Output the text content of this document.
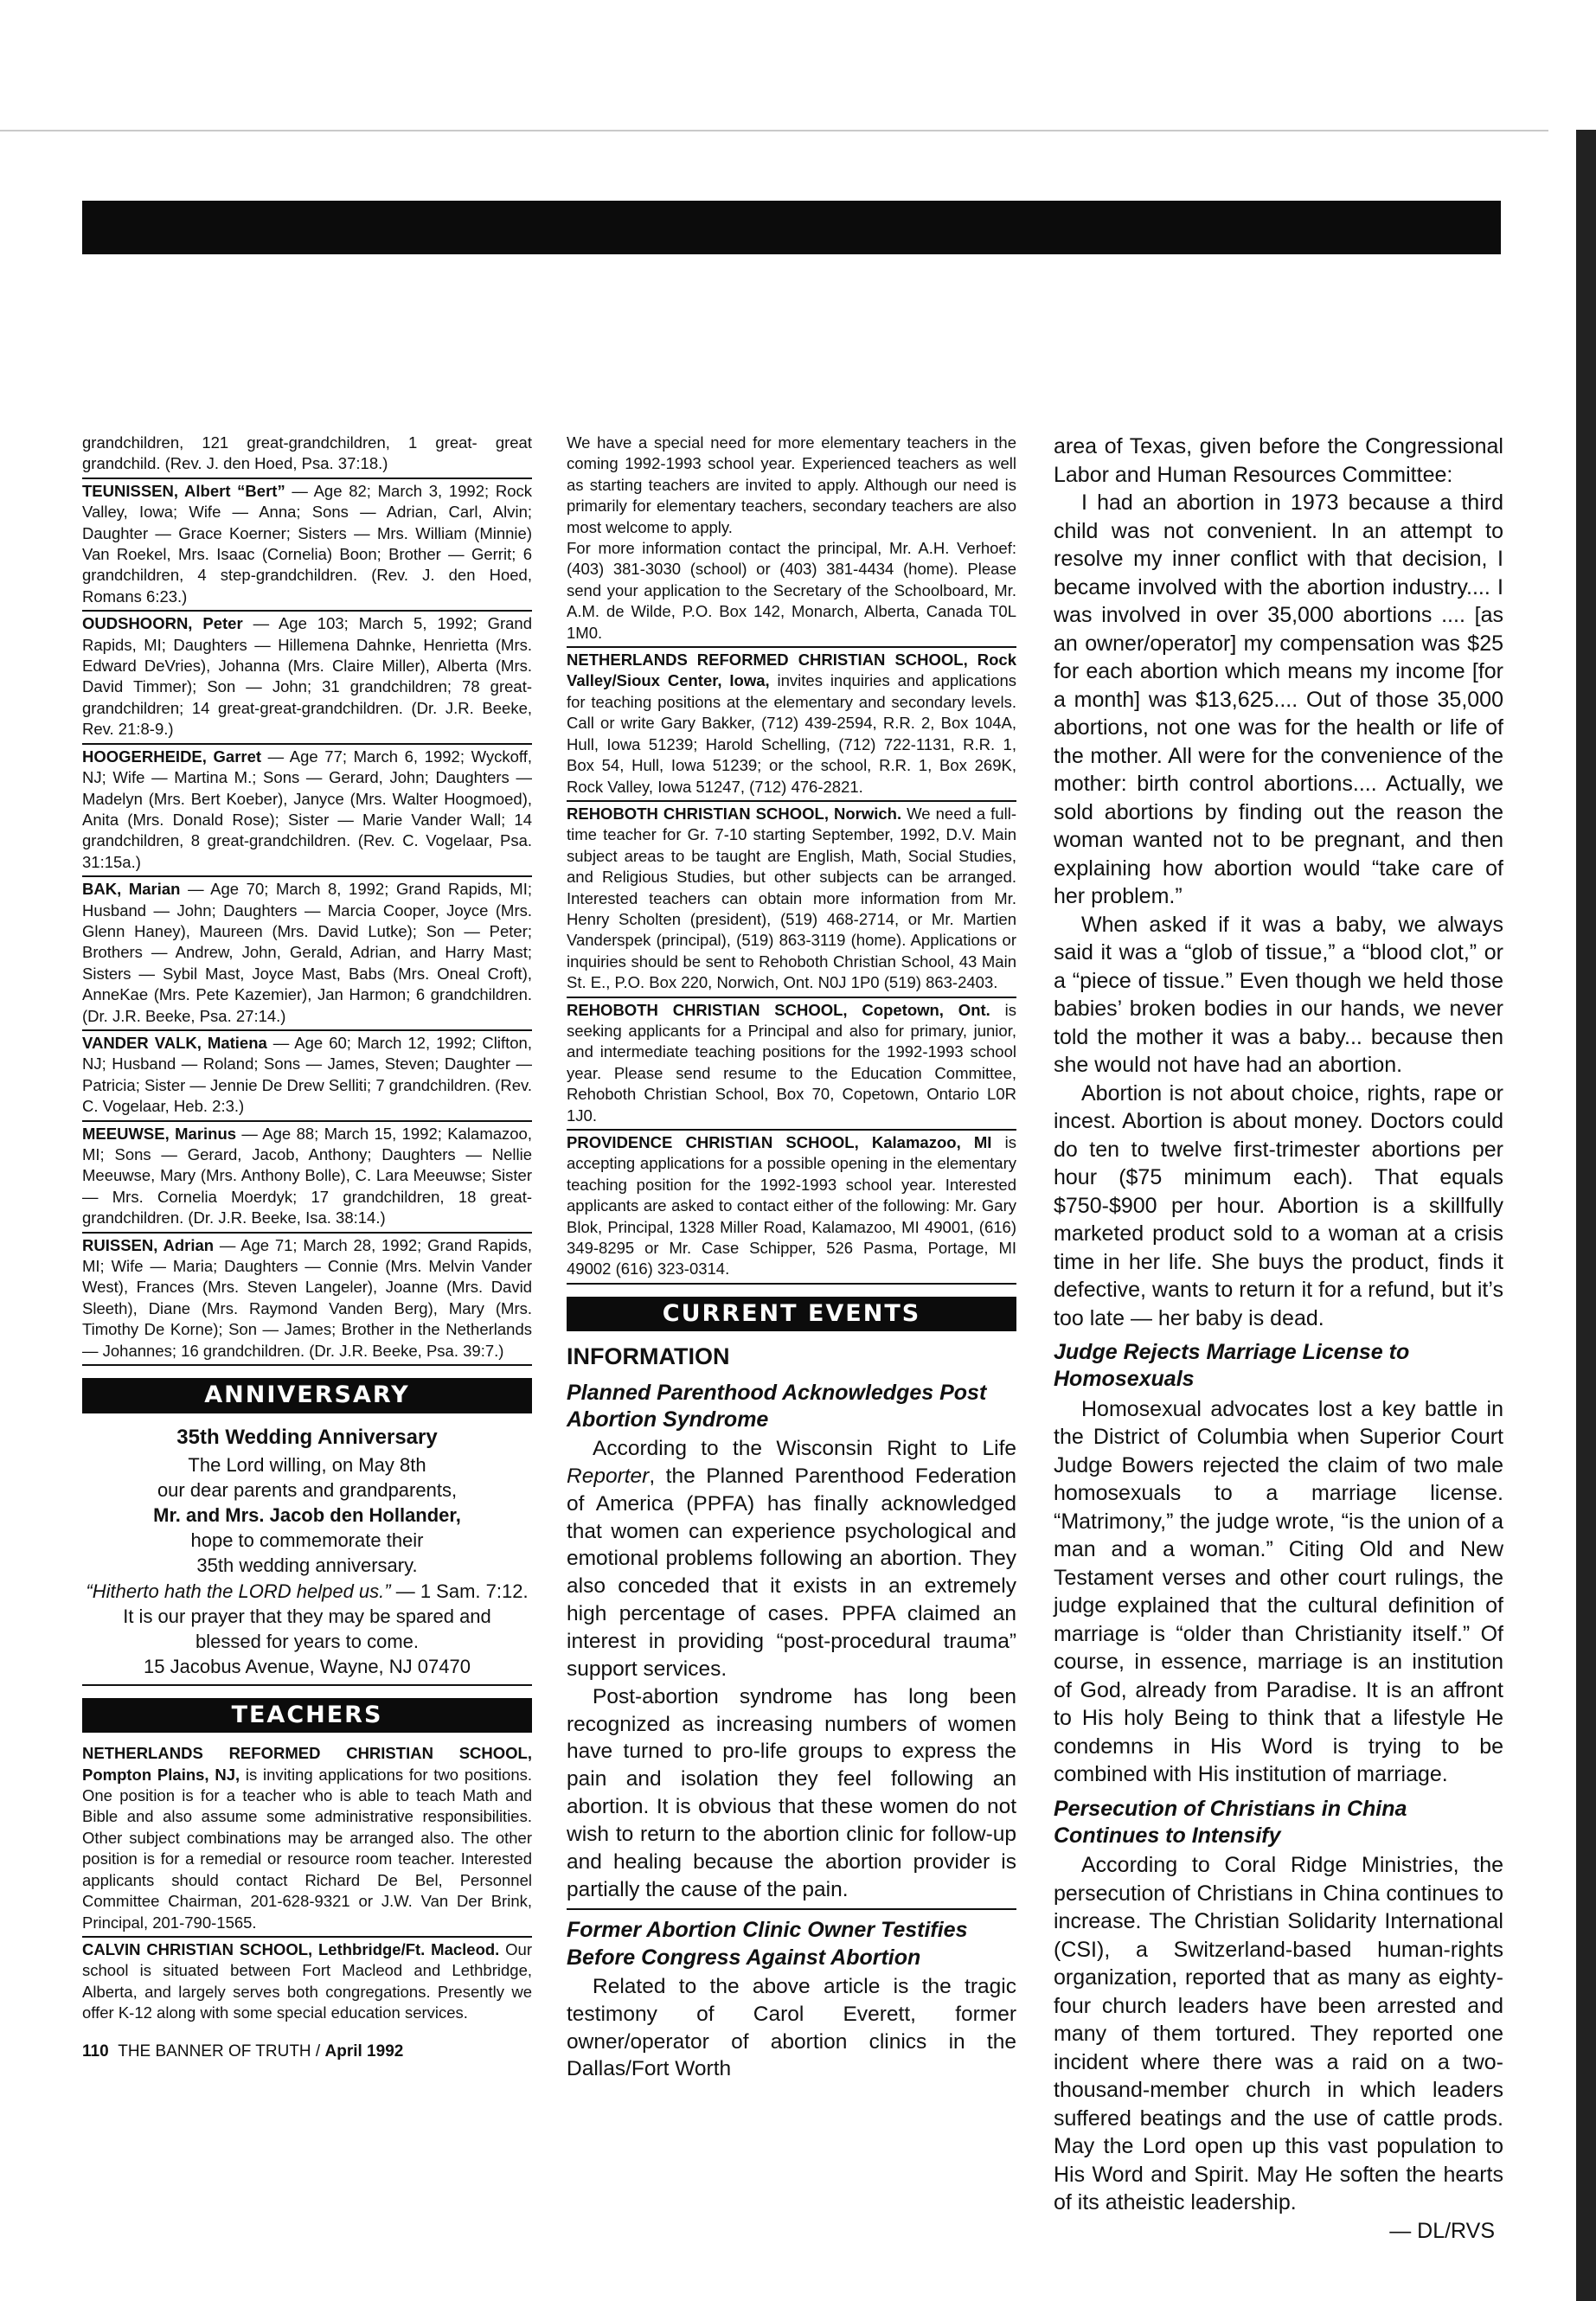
grandchildren, 121 great-grandchildren, 1 great- great grandchild. (Rev. J. den Hoed, Psa. 37:18.)

TEUNISSEN, Albert “Bert” — Age 82; March 3, 1992; Rock Valley, Iowa; Wife — Anna; Sons — Adrian, Carl, Alvin; Daughter — Grace Koerner; Sisters — Mrs. William (Minnie) Van Roekel, Mrs. Isaac (Cornelia) Boon; Brother — Gerrit; 6 grandchildren, 4 step-grandchildren. (Rev. J. den Hoed, Romans 6:23.)

OUDSHOORN, Peter — Age 103; March 5, 1992; Grand Rapids, MI; Daughters — Hillemena Dahnke, Henrietta (Mrs. Edward DeVries), Johanna (Mrs. Claire Miller), Alberta (Mrs. David Timmer); Son — John; 31 grandchildren; 78 great-grandchildren; 14 great-great-grandchildren. (Dr. J.R. Beeke, Rev. 21:8-9.)

HOOGERHEIDE, Garret — Age 77; March 6, 1992; Wyckoff, NJ; Wife — Martina M.; Sons — Gerard, John; Daughters — Madelyn (Mrs. Bert Koeber), Janyce (Mrs. Walter Hoogmoed), Anita (Mrs. Donald Rose); Sister — Marie Vander Wall; 14 grandchildren, 8 great-grandchildren. (Rev. C. Vogelaar, Psa. 31:15a.)

BAK, Marian — Age 70; March 8, 1992; Grand Rapids, MI; Husband — John; Daughters — Marcia Cooper, Joyce (Mrs. Glenn Haney), Maureen (Mrs. David Lutke); Son — Peter; Brothers — Andrew, John, Gerald, Adrian, and Harry Mast; Sisters — Sybil Mast, Joyce Mast, Babs (Mrs. Oneal Croft), AnneKae (Mrs. Pete Kazemier), Jan Harmon; 6 grandchildren. (Dr. J.R. Beeke, Psa. 27:14.)

VANDER VALK, Matiena — Age 60; March 12, 1992; Clifton, NJ; Husband — Roland; Sons — James, Steven; Daughter — Patricia; Sister — Jennie De Drew Selliti; 7 grandchildren. (Rev. C. Vogelaar, Heb. 2:3.)

MEEUWSE, Marinus — Age 88; March 15, 1992; Kalamazoo, MI; Sons — Gerard, Jacob, Anthony; Daughters — Nellie Meeuwse, Mary (Mrs. Anthony Bolle), C. Lara Meeuwse; Sister — Mrs. Cornelia Moerdyk; 17 grandchildren, 18 great-grandchildren. (Dr. J.R. Beeke, Isa. 38:14.)

RUISSEN, Adrian — Age 71; March 28, 1992; Grand Rapids, MI; Wife — Maria; Daughters — Connie (Mrs. Melvin Vander West), Frances (Mrs. Steven Langeler), Joanne (Mrs. David Sleeth), Diane (Mrs. Raymond Vanden Berg), Mary (Mrs. Timothy De Korne); Son — James; Brother in the Netherlands — Johannes; 16 grandchildren. (Dr. J.R. Beeke, Psa. 39:7.)

ANNIVERSARY
35th Wedding Anniversary
The Lord willing, on May 8th
our dear parents and grandparents,
Mr. and Mrs. Jacob den Hollander,
hope to commemorate their
35th wedding anniversary.
“Hitherto hath the LORD helped us.” — 1 Sam. 7:12.
It is our prayer that they may be spared and
blessed for years to come.
15 Jacobus Avenue, Wayne, NJ 07470
TEACHERS

NETHERLANDS REFORMED CHRISTIAN SCHOOL, Pompton Plains, NJ, is inviting applications for two positions. One position is for a teacher who is able to teach Math and Bible and also assume some administrative responsibilities. Other subject combinations may be arranged also. The other position is for a remedial or resource room teacher. Interested applicants should contact Richard De Bel, Personnel Committee Chairman, 201-628-9321 or J.W. Van Der Brink, Principal, 201-790-1565.

CALVIN CHRISTIAN SCHOOL, Lethbridge/Ft. Macleod. Our school is situated between Fort Macleod and Lethbridge, Alberta, and largely serves both congregations. Presently we offer K-12 along with some special education services.

110 THE BANNER OF TRUTH / April 1992

We have a special need for more elementary teachers in the coming 1992-1993 school year. Experienced teachers as well as starting teachers are invited to apply. Although our need is primarily for elementary teachers, secondary teachers are also most welcome to apply.
For more information contact the principal, Mr. A.H. Verhoef: (403) 381-3030 (school) or (403) 381-4434 (home). Please send your application to the Secretary of the Schoolboard, Mr. A.M. de Wilde, P.O. Box 142, Monarch, Alberta, Canada T0L 1M0.

NETHERLANDS REFORMED CHRISTIAN SCHOOL, Rock Valley/Sioux Center, Iowa, invites inquiries and applications for teaching positions at the elementary and secondary levels. Call or write Gary Bakker, (712) 439-2594, R.R. 2, Box 104A, Hull, Iowa 51239; Harold Schelling, (712) 722-1131, R.R. 1, Box 54, Hull, Iowa 51239; or the school, R.R. 1, Box 269K, Rock Valley, Iowa 51247, (712) 476-2821.

REHOBOTH CHRISTIAN SCHOOL, Norwich. We need a full-time teacher for Gr. 7-10 starting September, 1992, D.V. Main subject areas to be taught are English, Math, Social Studies, and Religious Studies, but other subjects can be arranged. Interested teachers can obtain more information from Mr. Henry Scholten (president), (519) 468-2714, or Mr. Martien Vanderspek (principal), (519) 863-3119 (home). Applications or inquiries should be sent to Rehoboth Christian School, 43 Main St. E., P.O. Box 220, Norwich, Ont. N0J 1P0 (519) 863-2403.

REHOBOTH CHRISTIAN SCHOOL, Copetown, Ont. is seeking applicants for a Principal and also for primary, junior, and intermediate teaching positions for the 1992-1993 school year. Please send resume to the Education Committee, Rehoboth Christian School, Box 70, Copetown, Ontario L0R 1J0.

PROVIDENCE CHRISTIAN SCHOOL, Kalamazoo, MI is accepting applications for a possible opening in the elementary teaching position for the 1992-1993 school year. Interested applicants are asked to contact either of the following: Mr. Gary Blok, Principal, 1328 Miller Road, Kalamazoo, MI 49001, (616) 349-8295 or Mr. Case Schipper, 526 Pasma, Portage, MI 49002 (616) 323-0314.

CURRENT EVENTS
INFORMATION
Planned Parenthood Acknowledges Post Abortion Syndrome

According to the Wisconsin Right to Life Reporter, the Planned Parenthood Federation of America (PPFA) has finally acknowledged that women can experience psychological and emotional problems following an abortion. They also conceded that it exists in an extremely high percentage of cases. PPFA claimed an interest in providing “post-procedural trauma” support services.

Post-abortion syndrome has long been recognized as increasing numbers of women have turned to pro-life groups to express the pain and isolation they feel following an abortion. It is obvious that these women do not wish to return to the abortion clinic for follow-up and healing because the abortion provider is partially the cause of the pain.

Former Abortion Clinic Owner Testifies Before Congress Against Abortion

Related to the above article is the tragic testimony of Carol Everett, former owner/operator of abortion clinics in the Dallas/Fort Worth

area of Texas, given before the Congressional Labor and Human Resources Committee:

I had an abortion in 1973 because a third child was not convenient. In an attempt to resolve my inner conflict with that decision, I became involved with the abortion industry.... I was involved in over 35,000 abortions .... [as an owner/operator] my compensation was $25 for each abortion which means my income [for a month] was $13,625.... Out of those 35,000 abortions, not one was for the health or life of the mother. All were for the convenience of the mother: birth control abortions.... Actually, we sold abortions by finding out the reason the woman wanted not to be pregnant, and then explaining how abortion would “take care of her problem.”

When asked if it was a baby, we always said it was a “glob of tissue,” a “blood clot,” or a “piece of tissue.” Even though we held those babies’ broken bodies in our hands, we never told the mother it was a baby... because then she would not have had an abortion.

Abortion is not about choice, rights, rape or incest. Abortion is about money. Doctors could do ten to twelve first-trimester abortions per hour ($75 minimum each). That equals $750-$900 per hour. Abortion is a skillfully marketed product sold to a woman at a crisis time in her life. She buys the product, finds it defective, wants to return it for a refund, but it’s too late — her baby is dead.

Judge Rejects Marriage License to Homosexuals

Homosexual advocates lost a key battle in the District of Columbia when Superior Court Judge Bowers rejected the claim of two male homosexuals to a marriage license. “Matrimony,” the judge wrote, “is the union of a man and a woman.” Citing Old and New Testament verses and other court rulings, the judge explained that the cultural definition of marriage is “older than Christianity itself.” Of course, in essence, marriage is an institution of God, already from Paradise. It is an affront to His holy Being to think that a lifestyle He condemns in His Word is trying to be combined with His institution of marriage.

Persecution of Christians in China Continues to Intensify

According to Coral Ridge Ministries, the persecution of Christians in China continues to increase. The Christian Solidarity International (CSI), a Switzerland-based human-rights organization, reported that as many as eighty-four church leaders have been arrested and many of them tortured. They reported one incident where there was a raid on a two-thousand-member church in which leaders suffered beatings and the use of cattle prods. May the Lord open up this vast population to His Word and Spirit. May He soften the hearts of its atheistic leadership.

— DL/RVS
